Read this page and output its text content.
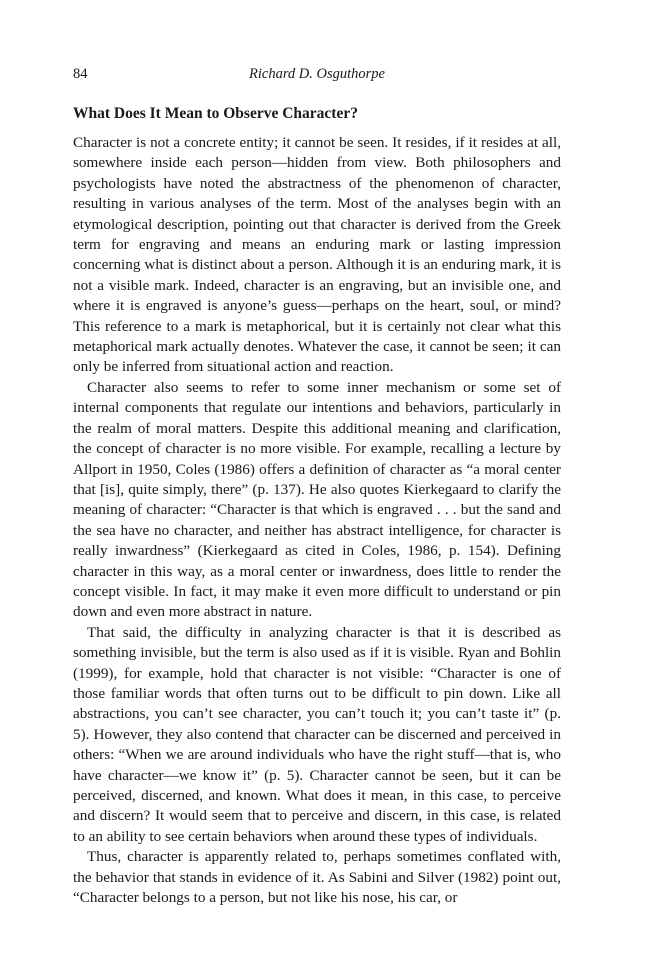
84	Richard D. Osguthorpe
What Does It Mean to Observe Character?

Character is not a concrete entity; it cannot be seen. It resides, if it resides at all, somewhere inside each person—hidden from view. Both philosophers and psychologists have noted the abstractness of the phenomenon of character, resulting in various analyses of the term. Most of the analyses begin with an etymological description, pointing out that character is derived from the Greek term for engraving and means an enduring mark or lasting impression concerning what is distinct about a person. Although it is an enduring mark, it is not a visible mark. Indeed, character is an engraving, but an invisible one, and where it is engraved is anyone’s guess—perhaps on the heart, soul, or mind? This reference to a mark is metaphorical, but it is certainly not clear what this metaphorical mark actually denotes. Whatever the case, it cannot be seen; it can only be inferred from situational action and reaction.

Character also seems to refer to some inner mechanism or some set of internal components that regulate our intentions and behaviors, particularly in the realm of moral matters. Despite this additional meaning and clarification, the concept of character is no more visible. For example, recalling a lecture by Allport in 1950, Coles (1986) offers a definition of character as “a moral center that [is], quite simply, there” (p. 137). He also quotes Kierkegaard to clarify the meaning of character: “Character is that which is engraved . . . but the sand and the sea have no character, and neither has abstract intelligence, for character is really inwardness” (Kierkegaard as cited in Coles, 1986, p. 154). Defining character in this way, as a moral center or inwardness, does little to render the concept visible. In fact, it may make it even more difficult to understand or pin down and even more abstract in nature.

That said, the difficulty in analyzing character is that it is described as something invisible, but the term is also used as if it is visible. Ryan and Bohlin (1999), for example, hold that character is not visible: “Character is one of those familiar words that often turns out to be difficult to pin down. Like all abstractions, you can’t see character, you can’t touch it; you can’t taste it” (p. 5). However, they also contend that character can be discerned and perceived in others: “When we are around individuals who have the right stuff—that is, who have character—we know it” (p. 5). Character cannot be seen, but it can be perceived, discerned, and known. What does it mean, in this case, to perceive and discern? It would seem that to perceive and discern, in this case, is related to an ability to see certain behaviors when around these types of individuals.

Thus, character is apparently related to, perhaps sometimes conflated with, the behavior that stands in evidence of it. As Sabini and Silver (1982) point out, “Character belongs to a person, but not like his nose, his car, or
